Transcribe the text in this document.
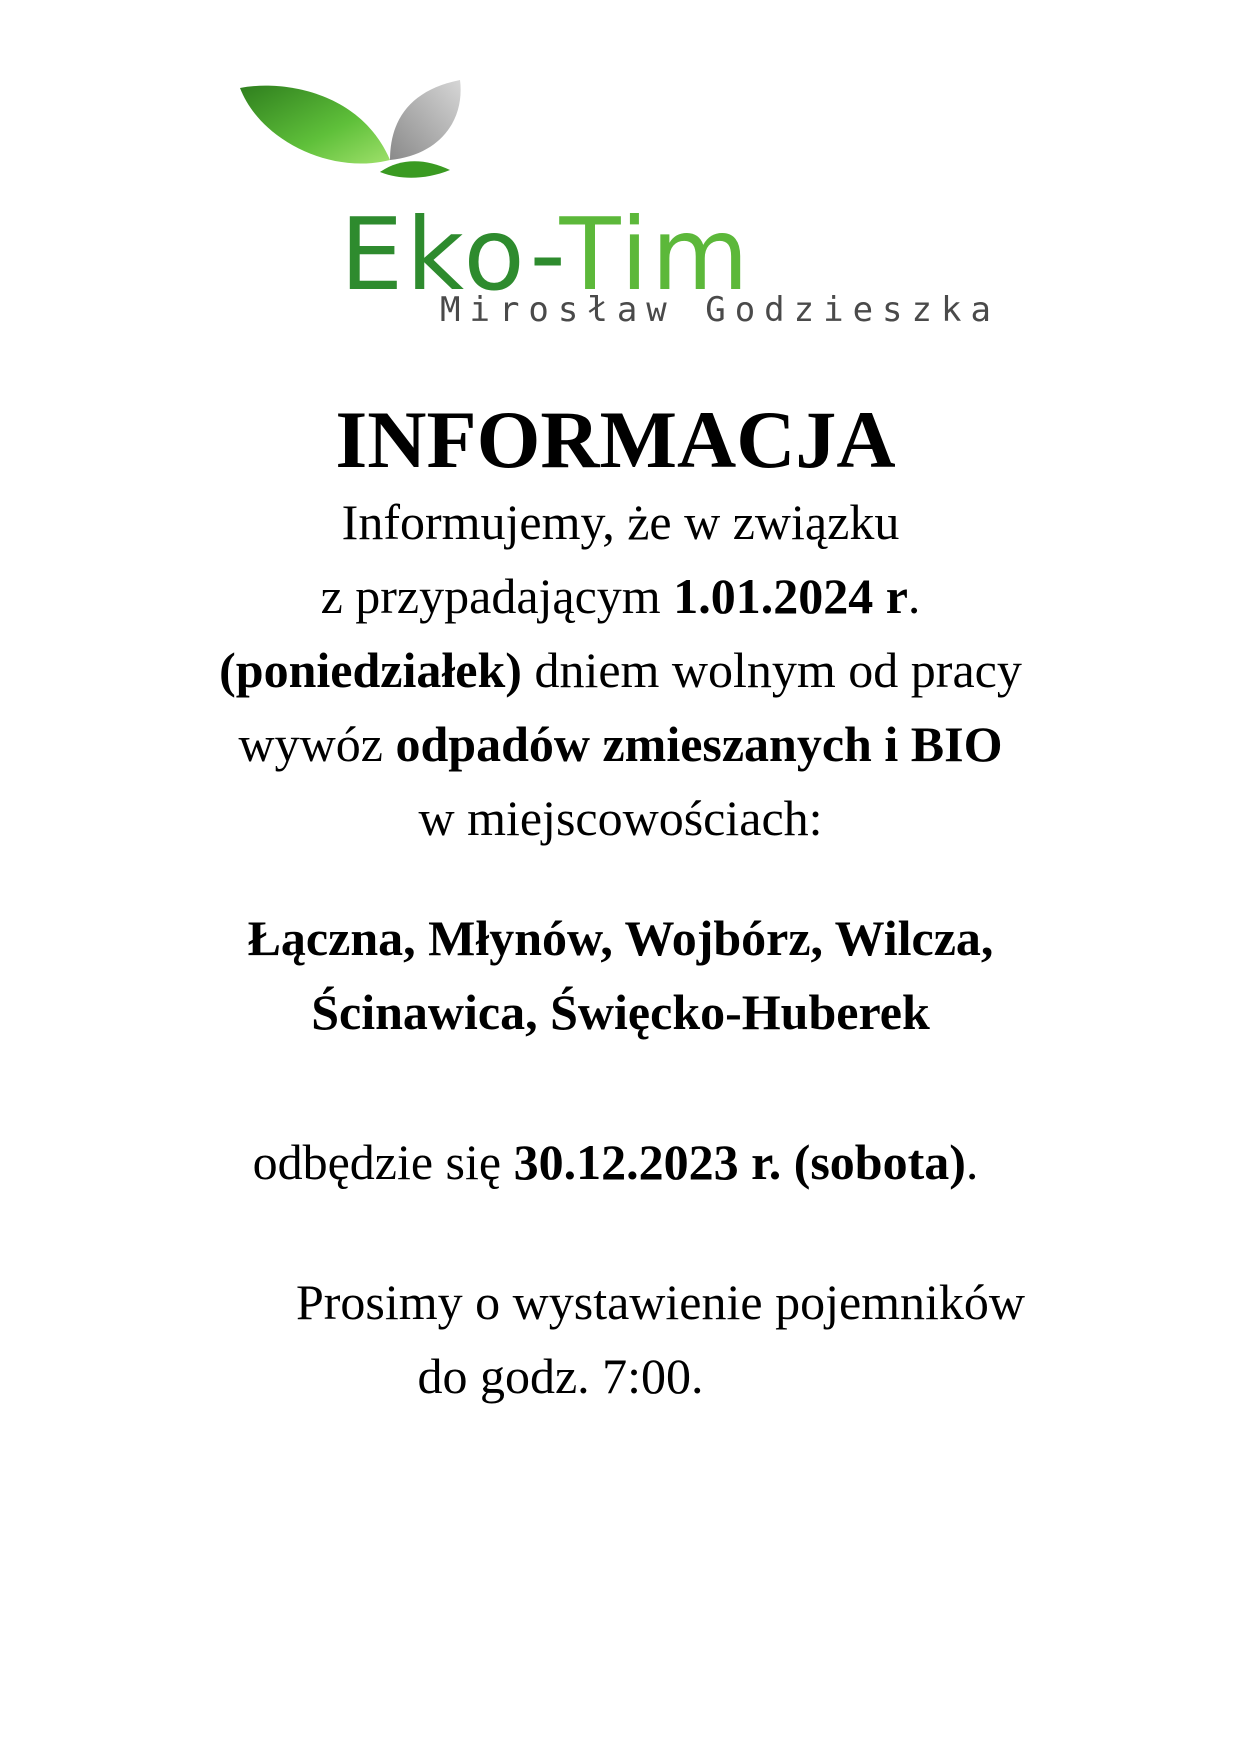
Eko-Tim
Mirosław Godzieszka
INFORMACJA

Informujemy, że w związku
z przypadającym 1.01.2024 r.
(poniedziałek) dniem wolnym od pracy
wywóz odpadów zmieszanych i BIO
w miejscowościach:

Łączna, Młynów, Wojbórz, Wilcza,
Ścinawica, Święcko-Huberek

odbędzie się 30.12.2023 r. (sobota).

Prosimy o wystawienie pojemników
do godz. 7:00.
